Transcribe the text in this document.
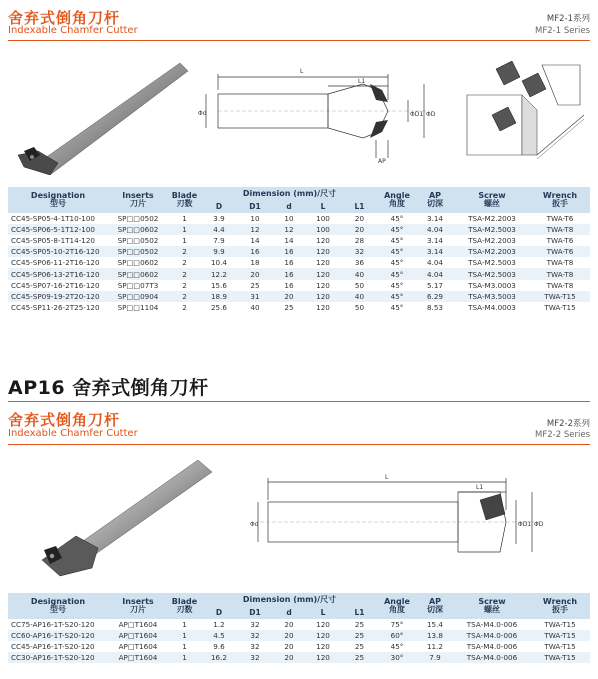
舍弃式倒角刀杆
Indexable Chamfer Cutter
MF2-1系列
MF2-1 Series
L
L1
Φd	ΦD1 ΦD
AP
Designation
型号	Inserts
刀片	Blade
刃数	Dimension (mm)/尺寸					Angle
角度	AP
切深	Screw
螺丝	Wrench
扳手
			D	D1	d	L	L1				
CC45-SP05-4-1T10-100	SP□□0502	1	3.9	10	10	100	20	45°	3.14	TSA-M2.2003	TWA-T6
CC45-SP06-5-1T12-100	SP□□0602	1	4.4	12	12	100	20	45°	4.04	TSA-M2.5003	TWA-T8
CC45-SP05-8-1T14-120	SP□□0502	1	7.9	14	14	120	28	45°	3.14	TSA-M2.2003	TWA-T6
CC45-SP05-10-2T16-120	SP□□0502	2	9.9	16	16	120	32	45°	3.14	TSA-M2.2003	TWA-T6
CC45-SP06-11-2T16-120	SP□□0602	2	10.4	18	16	120	36	45°	4.04	TSA-M2.5003	TWA-T8
CC45-SP06-13-2T16-120	SP□□0602	2	12.2	20	16	120	40	45°	4.04	TSA-M2.5003	TWA-T8
CC45-SP07-16-2T16-120	SP□□07T3	2	15.6	25	16	120	50	45°	5.17	TSA-M3.0003	TWA-T8
CC45-SP09-19-2T20-120	SP□□0904	2	18.9	31	20	120	40	45°	6.29	TSA-M3.5003	TWA-T15
CC45-SP11-26-2T25-120	SP□□1104	2	25.6	40	25	120	50	45°	8.53	TSA-M4.0003	TWA-T15
AP16 舍弃式倒角刀杆
舍弃式倒角刀杆
Indexable Chamfer Cutter
MF2-2系列
MF2-2 Series
L
L1
Φd	ΦD1 ΦD
Designation
型号	Inserts
刀片	Blade
刃数	Dimension (mm)/尺寸					Angle
角度	AP
切深	Screw
螺丝	Wrench
扳手
			D	D1	d	L	L1				
CC75-AP16-1T-S20-120	AP□T1604	1	1.2	32	20	120	25	75°	15.4	TSA-M4.0-006	TWA-T15
CC60-AP16-1T-S20-120	AP□T1604	1	4.5	32	20	120	25	60°	13.8	TSA-M4.0-006	TWA-T15
CC45-AP16-1T-S20-120	AP□T1604	1	9.6	32	20	120	25	45°	11.2	TSA-M4.0-006	TWA-T15
CC30-AP16-1T-S20-120	AP□T1604	1	16.2	32	20	120	25	30°	7.9	TSA-M4.0-006	TWA-T15
